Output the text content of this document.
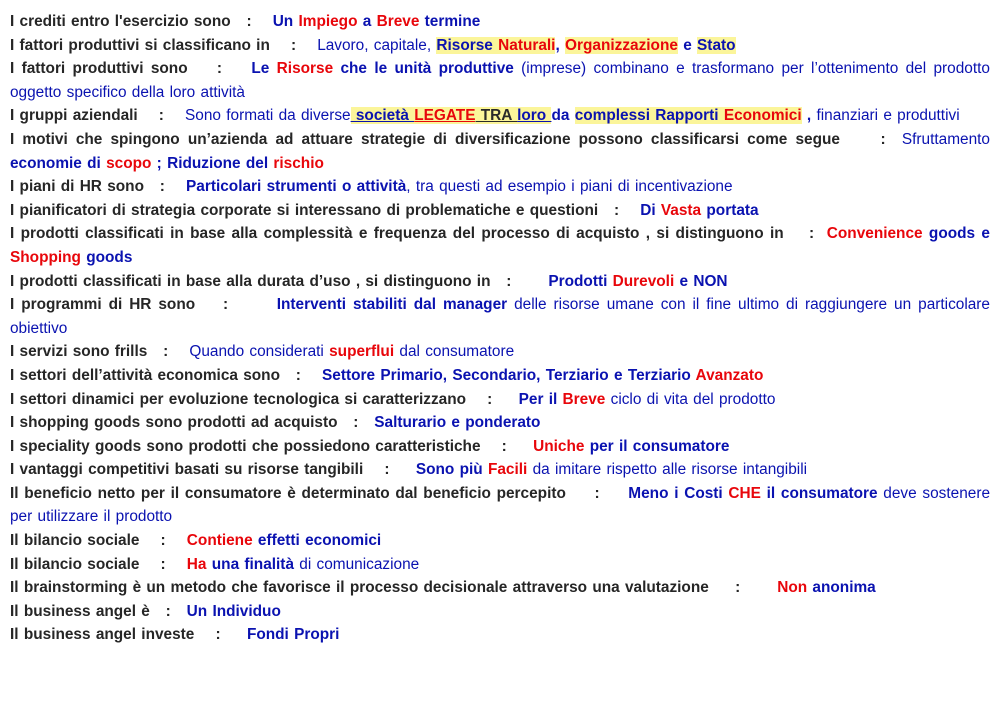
I crediti entro l'esercizio sono   :    Un Impiego a Breve termine
I fattori produttivi si classificano in    :    Lavoro, capitale, Risorse Naturali, Organizzazione e Stato
I fattori produttivi sono    :    Le Risorse che le unità produttive (imprese) combinano e trasformano per l’ottenimento del prodotto oggetto specifico della loro attività
I gruppi aziendali    :    Sono formati da diverse società LEGATE TRA loro da complessi Rapporti Economici , finanziari e produttivi
I motivi che spingono un’azienda ad attuare strategie di diversificazione possono classificarsi come segue     :  Sfruttamento economie di scopo ; Riduzione del rischio
I piani di HR sono   :    Particolari strumenti o attività, tra questi ad esempio i piani di incentivazione
I pianificatori di strategia corporate si interessano di problematiche e questioni   :    Di Vasta portata
I prodotti classificati in base alla complessità e frequenza del processo di acquisto , si distinguono in    :  Convenience goods e Shopping goods
I prodotti classificati in base alla durata d’uso , si distinguono in   :       Prodotti Durevoli e NON
I programmi di HR sono    :       Interventi stabiliti dal manager delle risorse umane con il fine ultimo di raggiungere un particolare obiettivo
I servizi sono frills   :    Quando considerati superflui dal consumatore
I settori dell’attività economica sono   :    Settore Primario, Secondario, Terziario e Terziario Avanzato
I settori dinamici per evoluzione tecnologica si caratterizzano    :     Per il Breve ciclo di vita del prodotto
I shopping goods sono prodotti ad acquisto   :   Salturario e ponderato
I speciality goods sono prodotti che possiedono caratteristiche    :     Uniche per il consumatore
I vantaggi competitivi basati su risorse tangibili    :     Sono più Facili da imitare rispetto alle risorse intangibili
Il beneficio netto per il consumatore è determinato dal beneficio percepito     :     Meno i Costi CHE il consumatore deve sostenere per utilizzare il prodotto
Il bilancio sociale    :    Contiene effetti economici
Il bilancio sociale    :    Ha una finalità di comunicazione
Il brainstorming è un metodo che favorisce il processo decisionale attraverso una valutazione     :       Non anonima
Il business angel è   :   Un Individuo
Il business angel investe    :     Fondi Propri
